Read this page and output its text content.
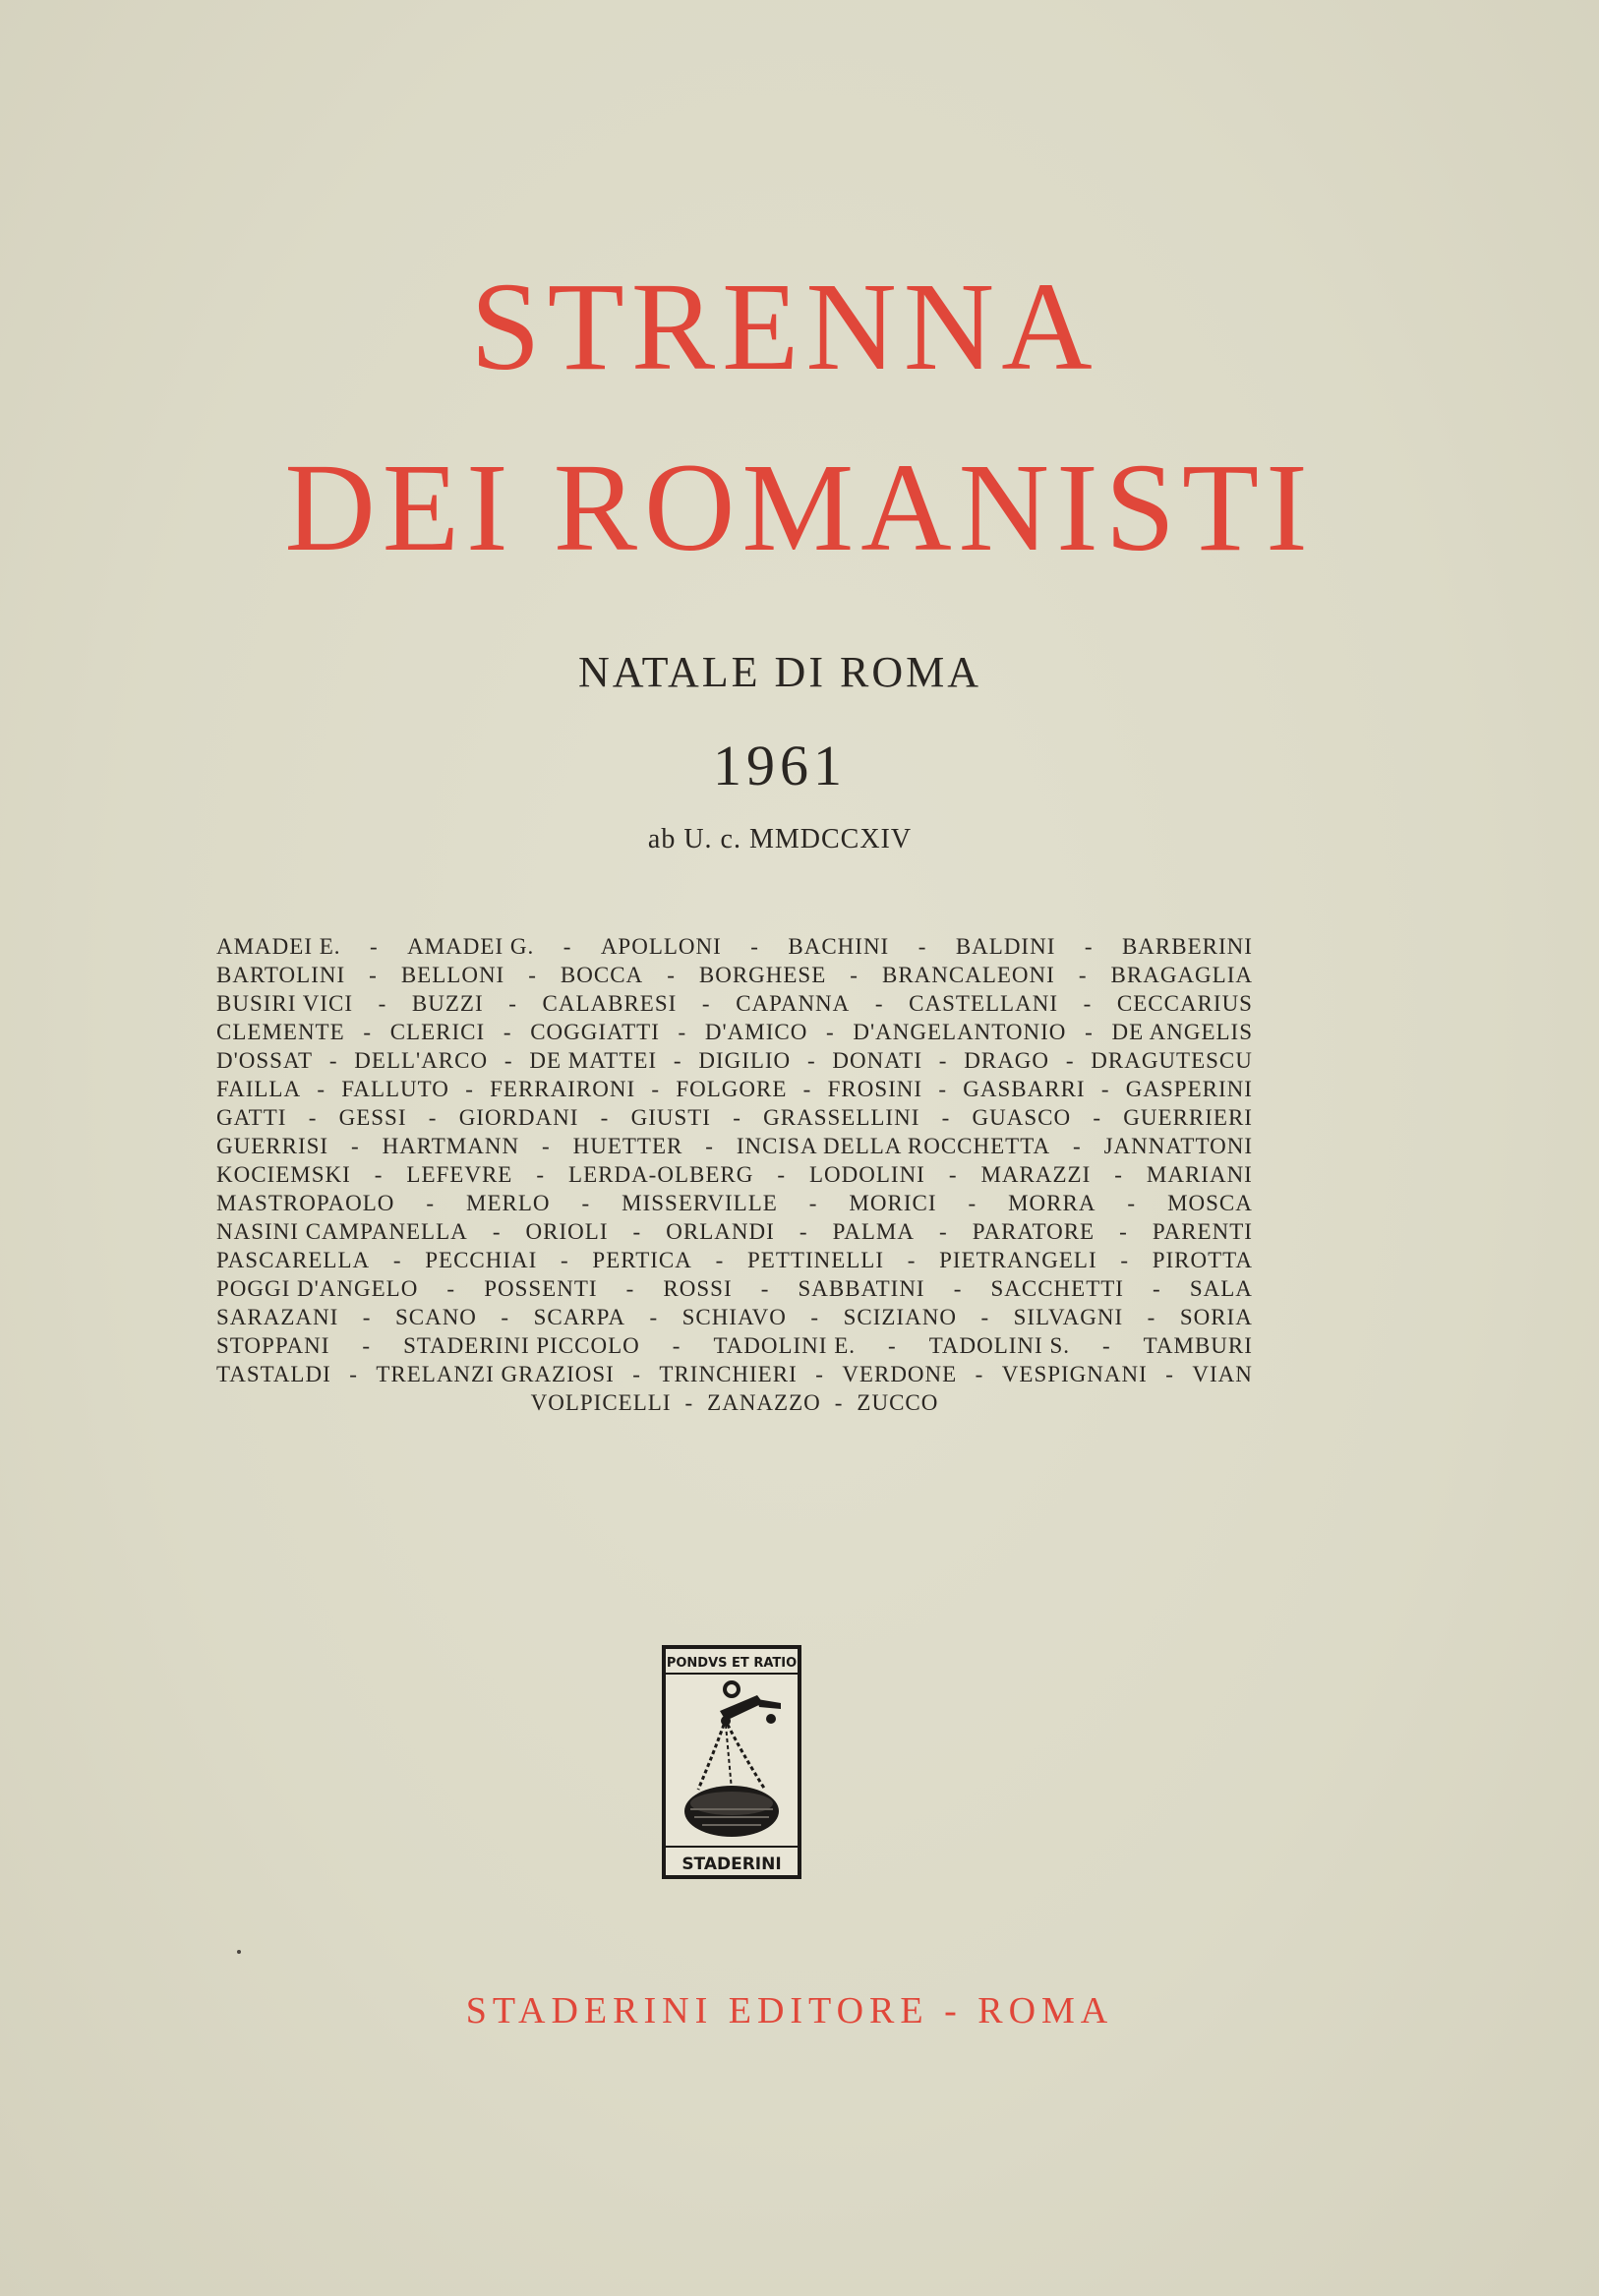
STRENNA
DEI ROMANISTI
NATALE DI ROMA
1961

ab U. c. MMDCCXIV

AMADEI E. - AMADEI G. - APOLLONI - BACHINI - BALDINI - BARBERINI
BARTOLINI - BELLONI - BOCCA - BORGHESE - BRANCALEONI - BRAGAGLIA
BUSIRI VICI - BUZZI - CALABRESI - CAPANNA - CASTELLANI - CECCARIUS
CLEMENTE - CLERICI - COGGIATTI - D'AMICO - D'ANGELANTONIO - DE ANGELIS
D'OSSAT - DELL'ARCO - DE MATTEI - DIGILIO - DONATI - DRAGO - DRAGUTESCU
FAILLA - FALLUTO - FERRAIRONI - FOLGORE - FROSINI - GASBARRI - GASPERINI
GATTI - GESSI - GIORDANI - GIUSTI - GRASSELLINI - GUASCO - GUERRIERI
GUERRISI - HARTMANN - HUETTER - INCISA DELLA ROCCHETTA - JANNATTONI
KOCIEMSKI - LEFEVRE - LERDA-OLBERG - LODOLINI - MARAZZI - MARIANI
MASTROPAOLO - MERLO - MISSERVILLE - MORICI - MORRA - MOSCA
NASINI CAMPANELLA - ORIOLI - ORLANDI - PALMA - PARATORE - PARENTI
PASCARELLA - PECCHIAI - PERTICA - PETTINELLI - PIETRANGELI - PIROTTA
POGGI D'ANGELO - POSSENTI - ROSSI - SABBATINI - SACCHETTI - SALA
SARAZANI - SCANO - SCARPA - SCHIAVO - SCIZIANO - SILVAGNI - SORIA
STOPPANI - STADERINI PICCOLO - TADOLINI E. - TADOLINI S. - TAMBURI
TASTALDI - TRELANZI GRAZIOSI - TRINCHIERI - VERDONE - VESPIGNANI - VIAN
VOLPICELLI - ZANAZZO - ZUCCO
PONDVS ET RATIO
STADERINI

STADERINI EDITORE - ROMA
